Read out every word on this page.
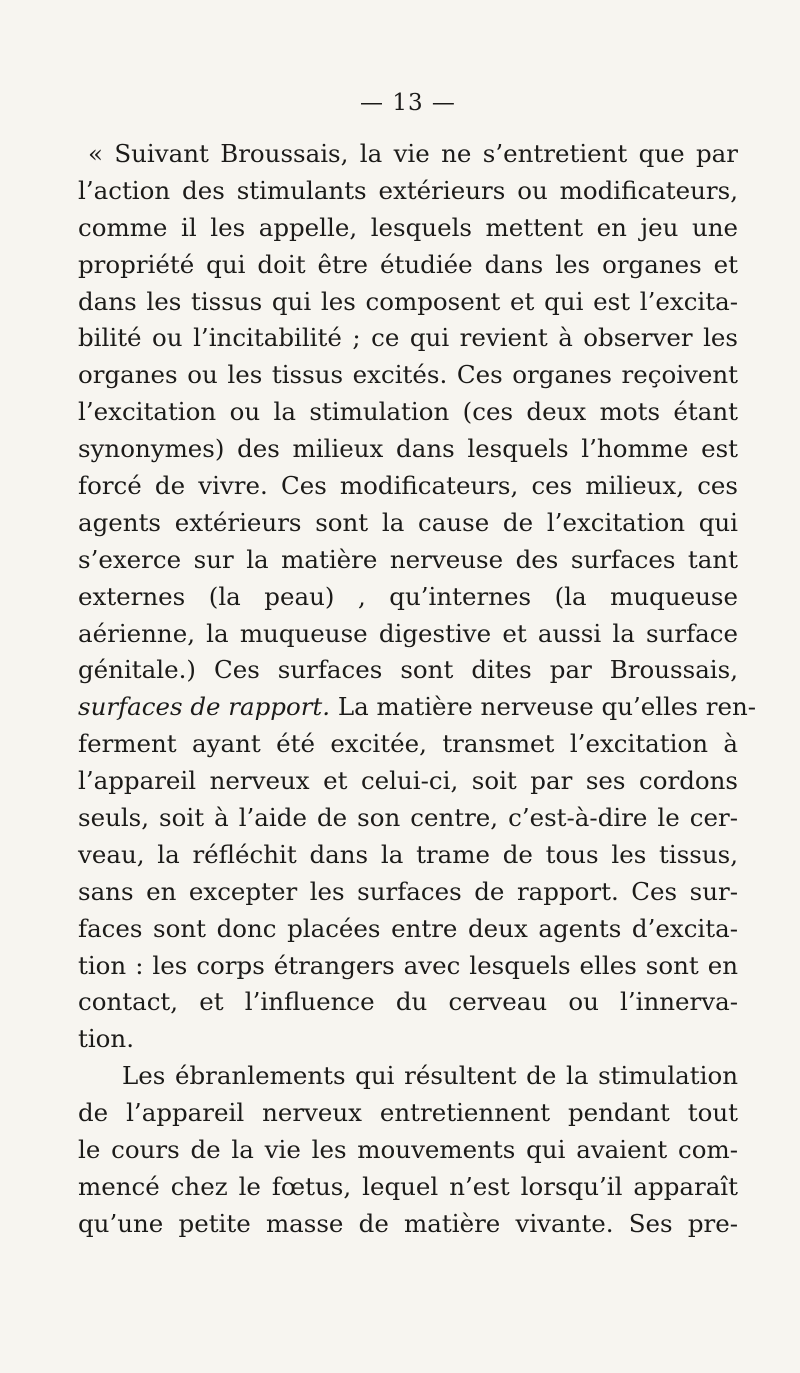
— 13 —
« Suivant Broussais, la vie ne s’entretient que par
l’action des stimulants extérieurs ou modificateurs,
comme il les appelle, lesquels mettent en jeu une
propriété qui doit être étudiée dans les organes et
dans les tissus qui les composent et qui est l’excita-
bilité ou l’incitabilité ; ce qui revient à observer les
organes ou les tissus excités. Ces organes reçoivent
l’excitation ou la stimulation (ces deux mots étant
synonymes) des milieux dans lesquels l’homme est
forcé de vivre. Ces modificateurs, ces milieux, ces
agents extérieurs sont la cause de l’excitation qui
s’exerce sur la matière nerveuse des surfaces tant
externes (la peau) , qu’internes (la muqueuse
aérienne, la muqueuse digestive et aussi la surface
génitale.) Ces surfaces sont dites par Broussais,
surfaces de rapport. La matière nerveuse qu’elles ren-
ferment ayant été excitée, transmet l’excitation à
l’appareil nerveux et celui-ci, soit par ses cordons
seuls, soit à l’aide de son centre, c’est-à-dire le cer-
veau, la réfléchit dans la trame de tous les tissus,
sans en excepter les surfaces de rapport. Ces sur-
faces sont donc placées entre deux agents d’excita-
tion : les corps étrangers avec lesquels elles sont en
contact, et l’influence du cerveau ou l’innerva-
tion.
Les ébranlements qui résultent de la stimulation
de l’appareil nerveux entretiennent pendant tout
le cours de la vie les mouvements qui avaient com-
mencé chez le fœtus, lequel n’est lorsqu’il apparaît
qu’une petite masse de matière vivante. Ses pre-
